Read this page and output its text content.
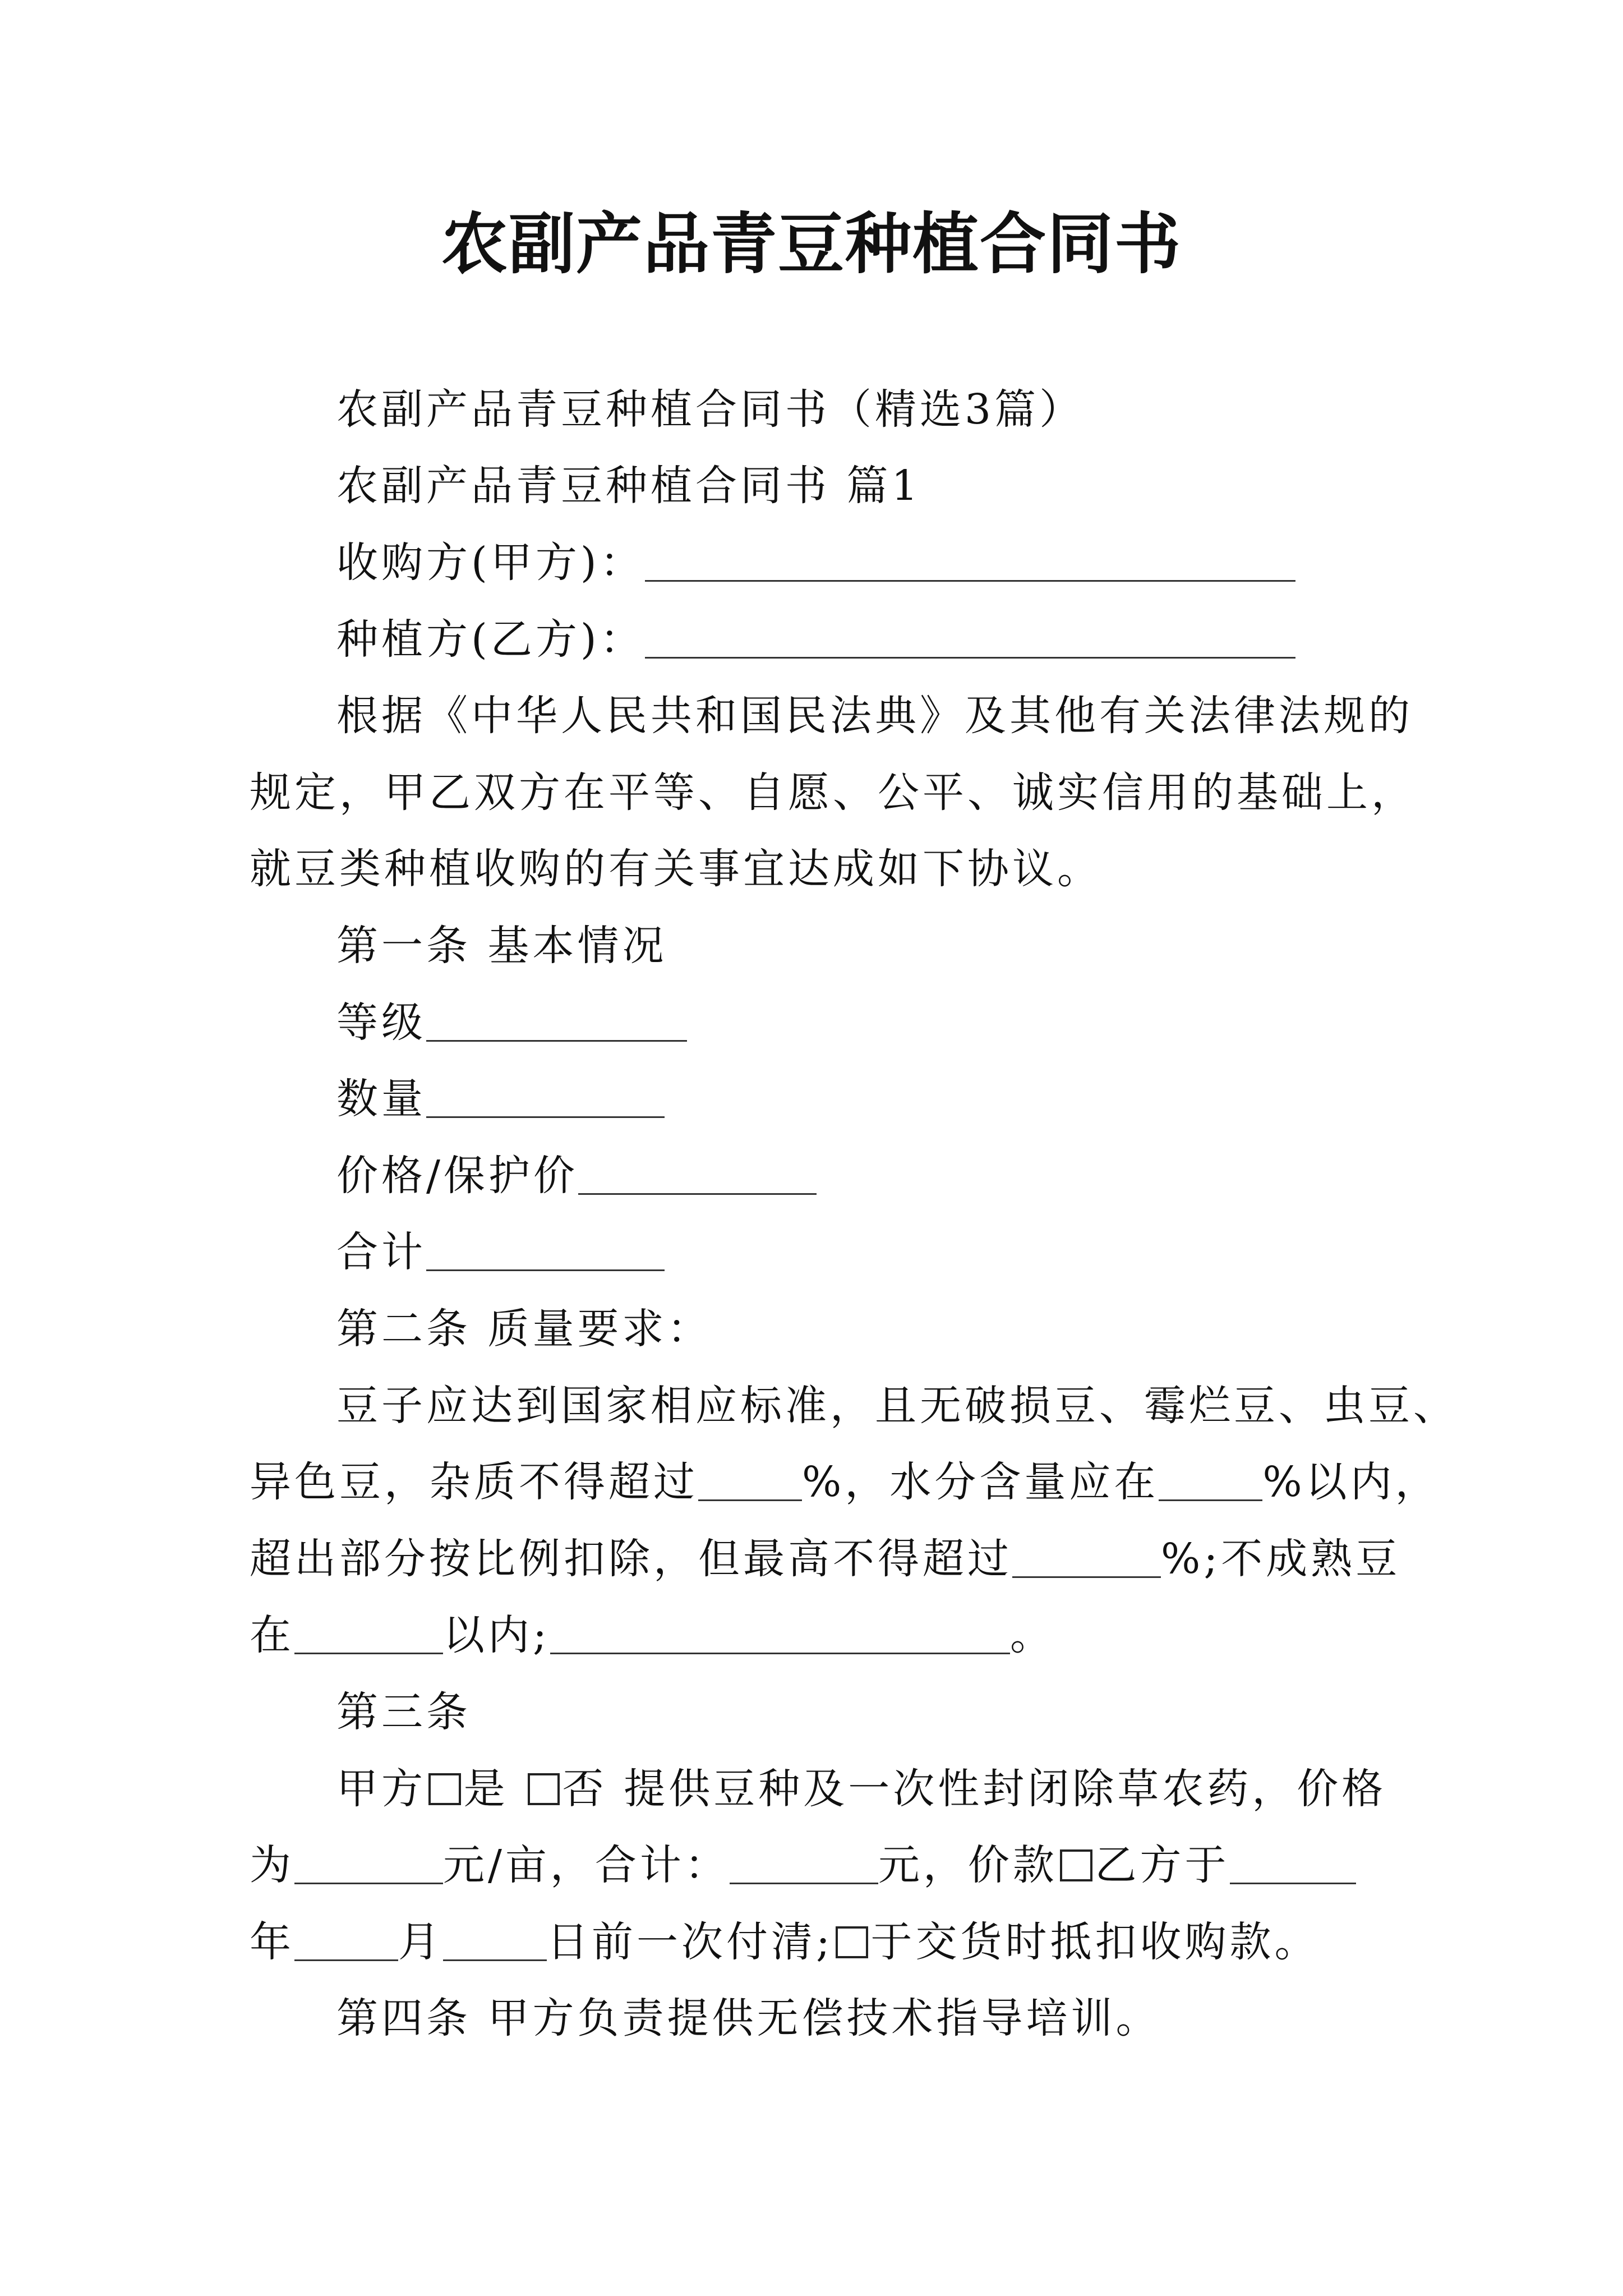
农副产品青豆种植合同书
农副产品青豆种植合同书（精选3篇）
农副产品青豆种植合同书 篇1
收购方(甲方)：
种植方(乙方)：
根据《中华人民共和国民法典》及其他有关法律法规的
规定，甲乙双方在平等、自愿、公平、诚实信用的基础上，
就豆类种植收购的有关事宜达成如下协议。
第一条 基本情况
等级
数量
价格/保护价
合计
第二条 质量要求：
豆子应达到国家相应标准，且无破损豆、霉烂豆、虫豆、
异色豆，杂质不得超过	%，水分含量应在	%以内，
超出部分按比例扣除，但最高不得超过	%;不成熟豆
在	以内;	。
第三条
甲方 是 否 提供豆种及一次性封闭除草农药，价格
为	元/亩，合计：	元，价款 乙方于
年	月	日前一次付清; 于交货时抵扣收购款。
第四条 甲方负责提供无偿技术指导培训。
